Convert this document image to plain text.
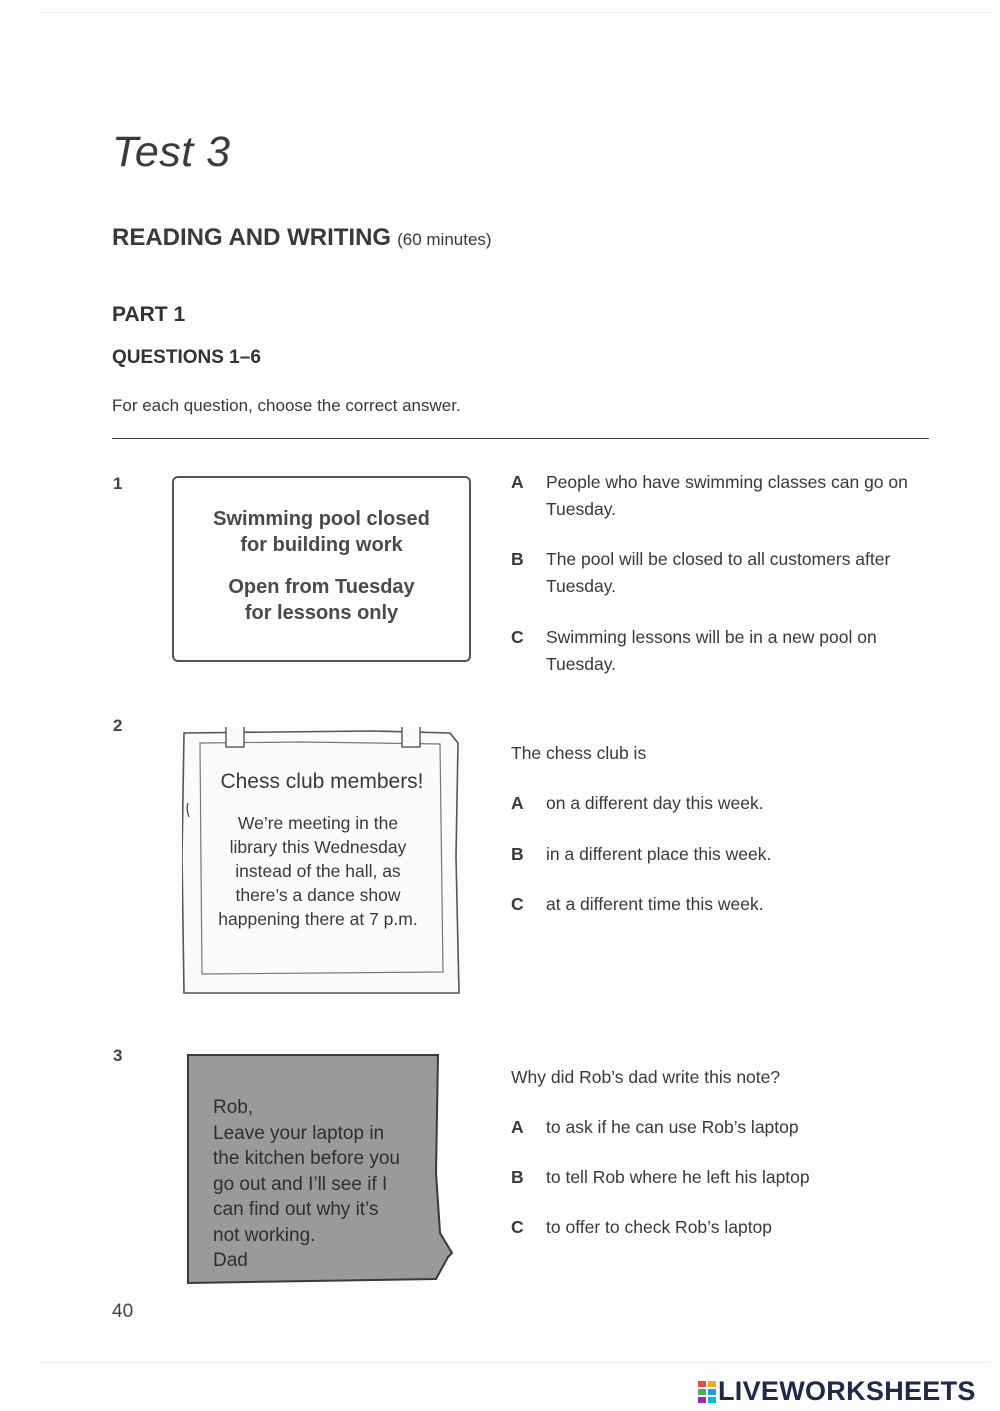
Test 3
READING AND WRITING (60 minutes)
PART 1
QUESTIONS 1–6
For each question, choose the correct answer.
1
Swimming pool closed
for building work
Open from Tuesday
for lessons only
A	People who have swimming classes can go on Tuesday.
B	The pool will be closed to all customers after Tuesday.
C	Swimming lessons will be in a new pool on Tuesday.
2
Chess club members!
We’re meeting in the library this Wednesday instead of the hall, as there’s a dance show happening there at 7 p.m.
The chess club is
A	on a different day this week.
B	in a different place this week.
C	at a different time this week.
3
Rob,
Leave your laptop in
the kitchen before you
go out and I’ll see if I
can find out why it’s
not working.
Dad
Why did Rob’s dad write this note?
A	to ask if he can use Rob’s laptop
B	to tell Rob where he left his laptop
C	to offer to check Rob’s laptop
40
LIVEWORKSHEETS
